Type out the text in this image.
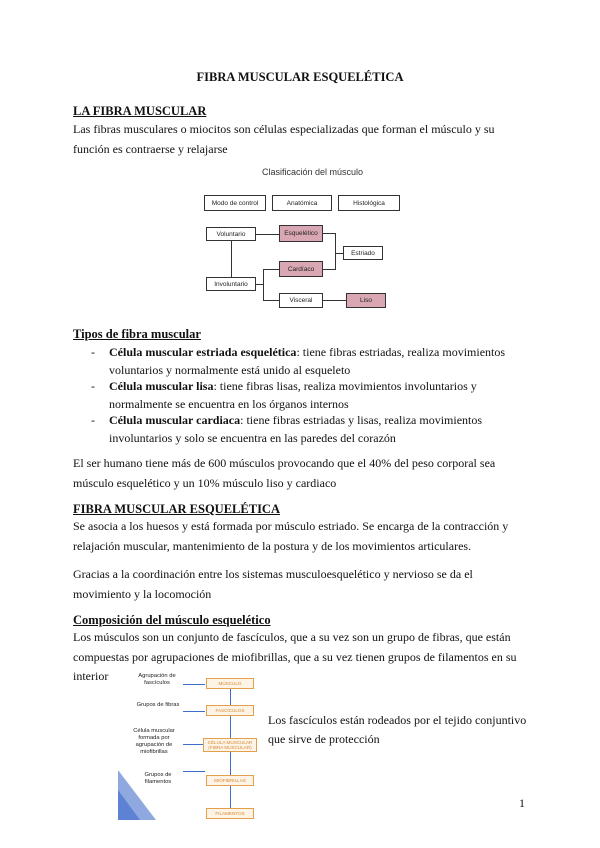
FIBRA MUSCULAR ESQUELÉTICA
LA FIBRA MUSCULAR
Las fibras musculares o miocitos son células especializadas que forman el músculo y su
función es contraerse y relajarse
Clasificación del músculo
Modo de control	Anatómica	Histológica
Voluntario	Esquelético
Estriado
Cardíaco
Involuntario
Visceral	Liso
Tipos de fibra muscular
- Célula muscular estriada esquelética: tiene fibras estriadas, realiza movimientos
voluntarios y normalmente está unido al esqueleto
- Célula muscular lisa: tiene fibras lisas, realiza movimientos involuntarios y
normalmente se encuentra en los órganos internos
- Célula muscular cardiaca: tiene fibras estriadas y lisas, realiza movimientos
involuntarios y solo se encuentra en las paredes del corazón
El ser humano tiene más de 600 músculos provocando que el 40% del peso corporal sea
músculo esquelético y un 10% músculo liso y cardiaco
FIBRA MUSCULAR ESQUELÉTICA
Se asocia a los huesos y está formada por músculo estriado. Se encarga de la contracción y
relajación muscular, mantenimiento de la postura y de los movimientos articulares.
Gracias a la coordinación entre los sistemas musculoesquelético y nervioso se da el
movimiento y la locomoción
Composición del músculo esquelético
Los músculos son un conjunto de fascículos, que a su vez son un grupo de fibras, que están
compuestas por agrupaciones de miofibrillas, que a su vez tienen grupos de filamentos en su
interior	Agrupación de fascículos
Grupos de fibras
Célula muscular formada por agrupación de miofibrillas
Grupos de filamentos
MÚSCULO
FASCÍCULOS
CÉLULA MUSCULAR (FIBRA MUSCULAR)
MIOFIBRILLAS
FILAMENTOS
Los fascículos están rodeados por el tejido conjuntivo
que sirve de protección
1
